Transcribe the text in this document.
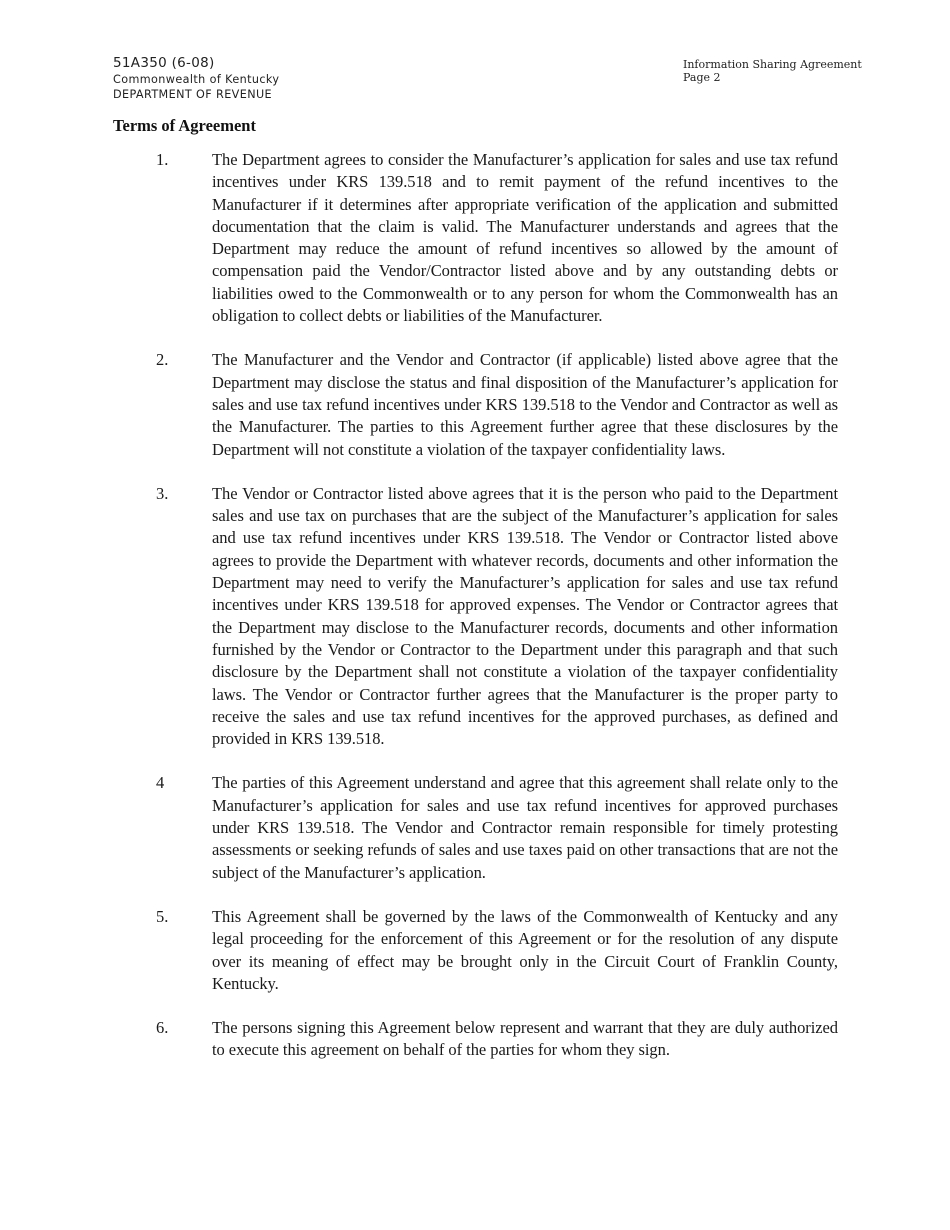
51A350 (6-08)
Commonwealth of Kentucky
DEPARTMENT OF REVENUE
Information Sharing Agreement
Page 2
Terms of Agreement
1.	The Department agrees to consider the Manufacturer’s application for sales and use tax refund incentives under KRS 139.518 and to remit payment of the refund incentives to the Manufacturer if it determines after appropriate verification of the application and submitted documentation that the claim is valid. The Manufacturer understands and agrees that the Department may reduce the amount of refund incentives so allowed by the amount of compensation paid the Vendor/Contractor listed above and by any outstanding debts or liabilities owed to the Commonwealth or to any person for whom the Commonwealth has an obligation to collect debts or liabilities of the Manufacturer.
2.	The Manufacturer and the Vendor and Contractor (if applicable) listed above agree that the Department may disclose the status and final disposition of the Manufacturer’s application for sales and use tax refund incentives under KRS 139.518 to the Vendor and Contractor as well as the Manufacturer. The parties to this Agreement further agree that these disclosures by the Department will not constitute a violation of the taxpayer confidentiality laws.
3.	The Vendor or Contractor listed above agrees that it is the person who paid to the Department sales and use tax on purchases that are the subject of the Manufacturer’s application for sales and use tax refund incentives under KRS 139.518. The Vendor or Contractor listed above agrees to provide the Department with whatever records, documents and other information the Department may need to verify the Manufacturer’s application for sales and use tax refund incentives under KRS 139.518 for approved expenses. The Vendor or Contractor agrees that the Department may disclose to the Manufacturer records, documents and other information furnished by the Vendor or Contractor to the Department under this paragraph and that such disclosure by the Department shall not constitute a violation of the taxpayer confidentiality laws. The Vendor or Contractor further agrees that the Manufacturer is the proper party to receive the sales and use tax refund incentives for the approved purchases, as defined and provided in KRS 139.518.
4	The parties of this Agreement understand and agree that this agreement shall relate only to the Manufacturer’s application for sales and use tax refund incentives for approved purchases under KRS 139.518. The Vendor and Contractor remain responsible for timely protesting assessments or seeking refunds of sales and use taxes paid on other transactions that are not the subject of the Manufacturer’s application.
5.	This Agreement shall be governed by the laws of the Commonwealth of Kentucky and any legal proceeding for the enforcement of this Agreement or for the resolution of any dispute over its meaning of effect may be brought only in the Circuit Court of Franklin County, Kentucky.
6.	The persons signing this Agreement below represent and warrant that they are duly authorized to execute this agreement on behalf of the parties for whom they sign.
